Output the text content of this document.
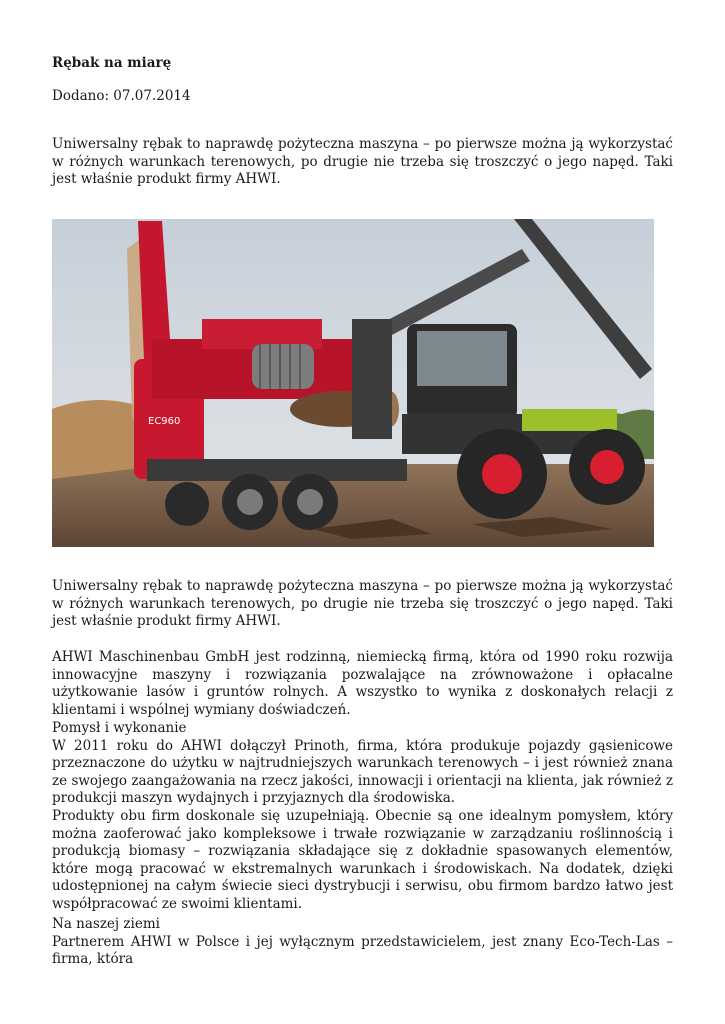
Rębak na miarę

Dodano: 07.07.2014

Uniwersalny rębak to naprawdę pożyteczna maszyna – po pierwsze można ją wykorzystać w różnych warunkach terenowych, po drugie nie trzeba się troszczyć o jego napęd. Taki jest właśnie produkt firmy AHWI.

EC960

Uniwersalny rębak to naprawdę pożyteczna maszyna – po pierwsze można ją wykorzystać w różnych warunkach terenowych, po drugie nie trzeba się troszczyć o jego napęd. Taki jest właśnie produkt firmy AHWI.

AHWI Maschinenbau GmbH jest rodzinną, niemiecką firmą, która od 1990 roku rozwija innowacyjne maszyny i rozwiązania pozwalające na zrównoważone i opłacalne użytkowanie lasów i gruntów rolnych. A wszystko to wynika z doskonałych relacji z klientami i wspólnej wymiany doświadczeń.

Pomysł i wykonanie
W 2011 roku do AHWI dołączył Prinoth, firma, która produkuje pojazdy gąsienicowe przeznaczone do użytku w najtrudniejszych warunkach terenowych – i jest również znana ze swojego zaangażowania na rzecz jakości, innowacji i orientacji na klienta, jak również z produkcji maszyn wydajnych i przyjaznych dla środowiska.
Produkty obu firm doskonale się uzupełniają. Obecnie są one idealnym pomysłem, który można zaoferować jako kompleksowe i trwałe rozwiązanie w zarządzaniu roślinnością i produkcją biomasy – rozwiązania składające się z dokładnie spasowanych elementów, które mogą pracować w ekstremalnych warunkach i środowiskach. Na dodatek, dzięki udostępnionej na całym świecie sieci dystrybucji i serwisu, obu firmom bardzo łatwo jest współpracować ze swoimi klientami.
Na naszej ziemi
Partnerem AHWI w Polsce i jej wyłącznym przedstawicielem, jest znany Eco-Tech-Las – firma, która
